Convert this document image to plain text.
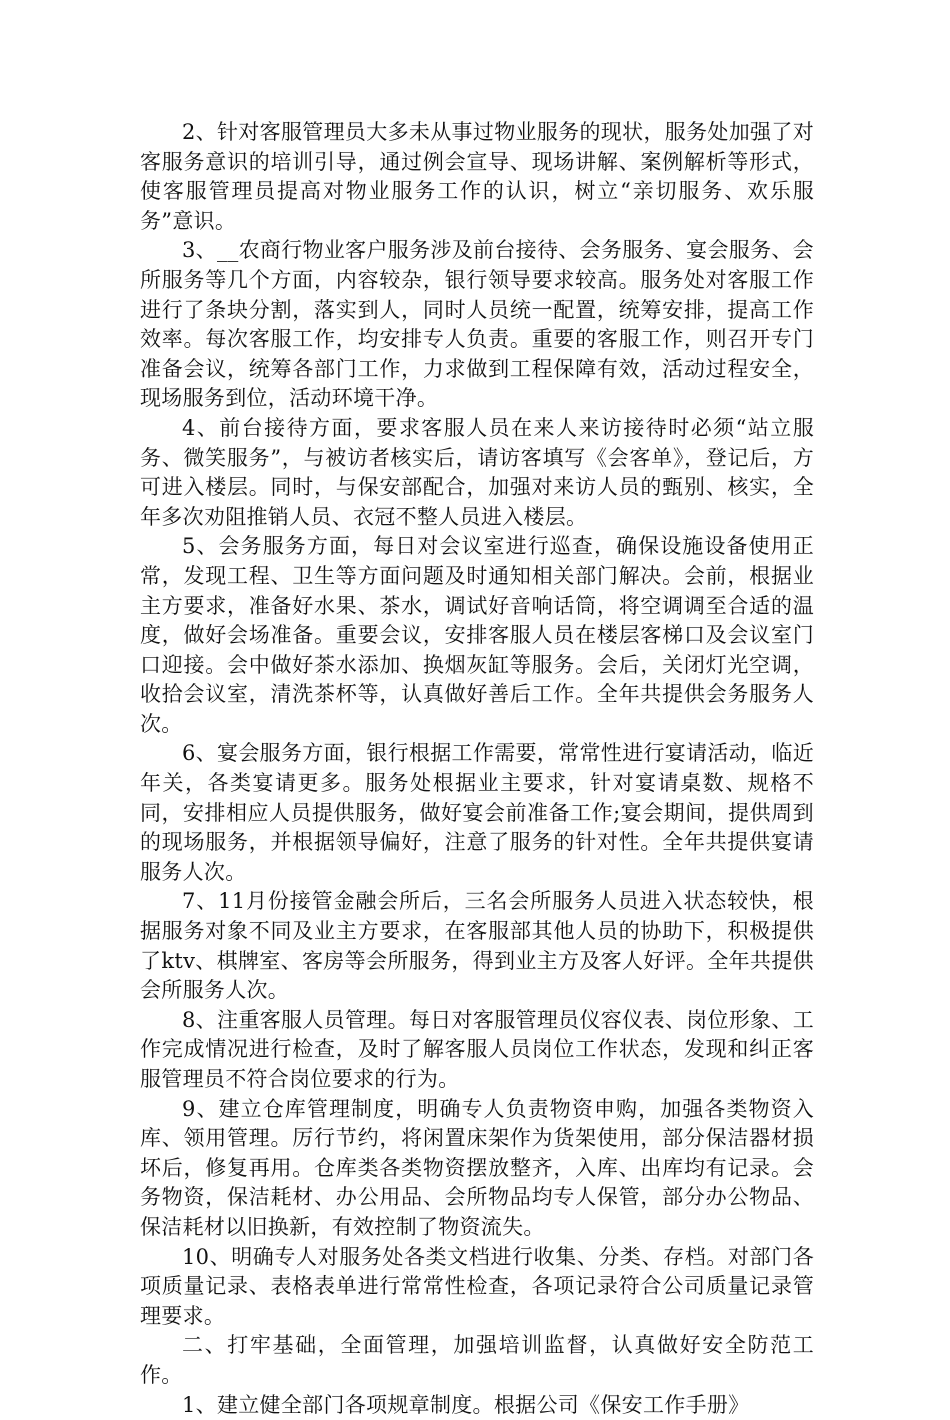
2、针对客服管理员大多未从事过物业服务的现状，服务处加强了对客服务意识的培训引导，通过例会宣导、现场讲解、案例解析等形式，使客服管理员提高对物业服务工作的认识，树立“亲切服务、欢乐服务”意识。

3、__农商行物业客户服务涉及前台接待、会务服务、宴会服务、会所服务等几个方面，内容较杂，银行领导要求较高。服务处对客服工作进行了条块分割，落实到人，同时人员统一配置，统筹安排，提高工作效率。每次客服工作，均安排专人负责。重要的客服工作，则召开专门准备会议，统筹各部门工作，力求做到工程保障有效，活动过程安全，现场服务到位，活动环境干净。

4、前台接待方面，要求客服人员在来人来访接待时必须“站立服务、微笑服务”，与被访者核实后，请访客填写《会客单》，登记后，方可进入楼层。同时，与保安部配合，加强对来访人员的甄别、核实，全年多次劝阻推销人员、衣冠不整人员进入楼层。

5、会务服务方面，每日对会议室进行巡查，确保设施设备使用正常，发现工程、卫生等方面问题及时通知相关部门解决。会前，根据业主方要求，准备好水果、茶水，调试好音响话筒，将空调调至合适的温度，做好会场准备。重要会议，安排客服人员在楼层客梯口及会议室门口迎接。会中做好茶水添加、换烟灰缸等服务。会后，关闭灯光空调，收拾会议室，清洗茶杯等，认真做好善后工作。全年共提供会务服务人次。

6、宴会服务方面，银行根据工作需要，常常性进行宴请活动，临近年关，各类宴请更多。服务处根据业主要求，针对宴请桌数、规格不同，安排相应人员提供服务，做好宴会前准备工作;宴会期间，提供周到的现场服务，并根据领导偏好，注意了服务的针对性。全年共提供宴请服务人次。

7、11月份接管金融会所后，三名会所服务人员进入状态较快，根据服务对象不同及业主方要求，在客服部其他人员的协助下，积极提供了ktv、棋牌室、客房等会所服务，得到业主方及客人好评。全年共提供会所服务人次。

8、注重客服人员管理。每日对客服管理员仪容仪表、岗位形象、工作完成情况进行检查，及时了解客服人员岗位工作状态，发现和纠正客服管理员不符合岗位要求的行为。

9、建立仓库管理制度，明确专人负责物资申购，加强各类物资入库、领用管理。厉行节约，将闲置床架作为货架使用，部分保洁器材损坏后，修复再用。仓库类各类物资摆放整齐，入库、出库均有记录。会务物资，保洁耗材、办公用品、会所物品均专人保管，部分办公物品、保洁耗材以旧换新，有效控制了物资流失。

10、明确专人对服务处各类文档进行收集、分类、存档。对部门各项质量记录、表格表单进行常常性检查，各项记录符合公司质量记录管理要求。

二、打牢基础，全面管理，加强培训监督，认真做好安全防范工作。

1、建立健全部门各项规章制度。根据公司《保安工作手册》
